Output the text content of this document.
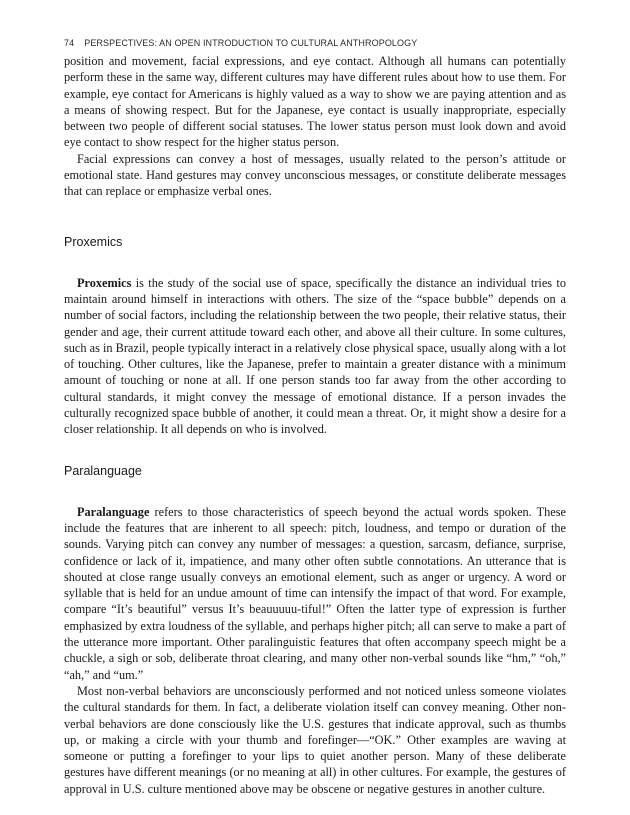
74 PERSPECTIVES: AN OPEN INTRODUCTION TO CULTURAL ANTHROPOLOGY

position and movement, facial expressions, and eye contact. Although all humans can potentially perform these in the same way, different cultures may have different rules about how to use them. For example, eye contact for Americans is highly valued as a way to show we are paying attention and as a means of showing respect. But for the Japanese, eye contact is usually inappropriate, especially between two people of different social statuses. The lower status person must look down and avoid eye contact to show respect for the higher status person.

Facial expressions can convey a host of messages, usually related to the person’s attitude or emotional state. Hand gestures may convey unconscious messages, or constitute deliberate messages that can replace or emphasize verbal ones.

Proxemics

Proxemics is the study of the social use of space, specifically the distance an individual tries to maintain around himself in interactions with others. The size of the “space bubble” depends on a number of social factors, including the relationship between the two people, their relative status, their gender and age, their current attitude toward each other, and above all their culture. In some cultures, such as in Brazil, people typically interact in a relatively close physical space, usually along with a lot of touching. Other cultures, like the Japanese, prefer to maintain a greater distance with a minimum amount of touching or none at all. If one person stands too far away from the other according to cultural standards, it might convey the message of emotional distance. If a person invades the culturally recognized space bubble of another, it could mean a threat. Or, it might show a desire for a closer relationship. It all depends on who is involved.

Paralanguage

Paralanguage refers to those characteristics of speech beyond the actual words spoken. These include the features that are inherent to all speech: pitch, loudness, and tempo or duration of the sounds. Varying pitch can convey any number of messages: a question, sarcasm, defiance, surprise, confidence or lack of it, impatience, and many other often subtle connotations. An utterance that is shouted at close range usually conveys an emotional element, such as anger or urgency. A word or syllable that is held for an undue amount of time can intensify the impact of that word. For example, compare “It’s beautiful” versus It’s beauuuuu-tiful!” Often the latter type of expression is further emphasized by extra loudness of the syllable, and perhaps higher pitch; all can serve to make a part of the utterance more important. Other paralinguistic features that often accompany speech might be a chuckle, a sigh or sob, deliberate throat clearing, and many other non-verbal sounds like “hm,” “oh,” “ah,” and “um.”

Most non-verbal behaviors are unconsciously performed and not noticed unless someone violates the cultural standards for them. In fact, a deliberate violation itself can convey meaning. Other non-verbal behaviors are done consciously like the U.S. gestures that indicate approval, such as thumbs up, or making a circle with your thumb and forefinger—“OK.” Other examples are waving at someone or putting a forefinger to your lips to quiet another person. Many of these deliberate gestures have different meanings (or no meaning at all) in other cultures. For example, the gestures of approval in U.S. culture mentioned above may be obscene or negative gestures in another culture.
